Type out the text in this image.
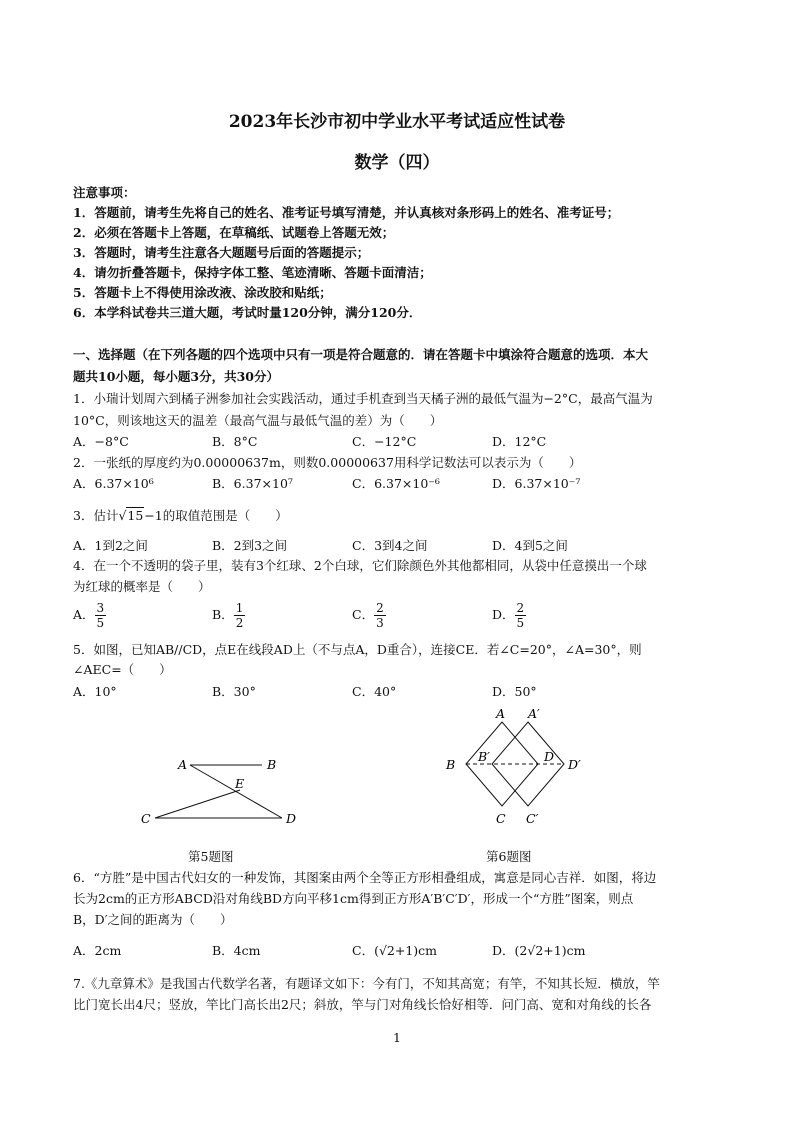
2023年长沙市初中学业水平考试适应性试卷
数学（四）
注意事项：
1．答题前，请考生先将自己的姓名、准考证号填写清楚，并认真核对条形码上的姓名、准考证号；
2．必须在答题卡上答题，在草稿纸、试题卷上答题无效；
3．答题时，请考生注意各大题题号后面的答题提示；
4．请勿折叠答题卡，保持字体工整、笔迹清晰、答题卡面清洁；
5．答题卡上不得使用涂改液、涂改胶和贴纸；
6．本学科试卷共三道大题，考试时量120分钟，满分120分．
一、选择题（在下列各题的四个选项中只有一项是符合题意的．请在答题卡中填涂符合题意的选项．本大
题共10小题，每小题3分，共30分）
1．小瑞计划周六到橘子洲参加社会实践活动，通过手机查到当天橘子洲的最低气温为−2°C，最高气温为
10°C，则该地这天的温差（最高气温与最低气温的差）为（　　）
A．−8°C	B．8°C	C．−12°C	D．12°C
2．一张纸的厚度约为0.00000637m，则数0.00000637用科学记数法可以表示为（　　）
A．6.37×10⁶	B．6.37×10⁷	C．6.37×10⁻⁶	D．6.37×10⁻⁷
3．估计√15−1的取值范围是（　　）
A．1到2之间	B．2到3之间	C．3到4之间	D．4到5之间
4．在一个不透明的袋子里，装有3个红球、2个白球，它们除颜色外其他都相同，从袋中任意摸出一个球
为红球的概率是（　　）
A． $\frac{3}{5}$	B． $\frac{1}{2}$	C． $\frac{2}{3}$	D． $\frac{2}{5}$
5．如图，已知AB//CD，点E在线段AD上（不与点A，D重合），连接CE．若∠C=20°，∠A=30°，则
∠AEC=（　　）
A．10°	B．30°	C．40°	D．50°
A	B
E
C	D
第5题图
A A′
B
B′	D
D′
C C′
第6题图
6．“方胜”是中国古代妇女的一种发饰，其图案由两个全等正方形相叠组成，寓意是同心吉祥．如图，将边
长为2cm的正方形ABCD沿对角线BD方向平移1cm得到正方形A′B′C′D′，形成一个“方胜”图案，则点
B，D′之间的距离为（　　）
A．2cm	B．4cm	C．(√2+1)cm	D．(2√2+1)cm
7.《九章算术》是我国古代数学名著，有题译文如下：今有门，不知其高宽；有竿，不知其长短．横放，竿
比门宽长出4尺；竖放，竿比门高长出2尺；斜放，竿与门对角线长恰好相等．问门高、宽和对角线的长各
1
